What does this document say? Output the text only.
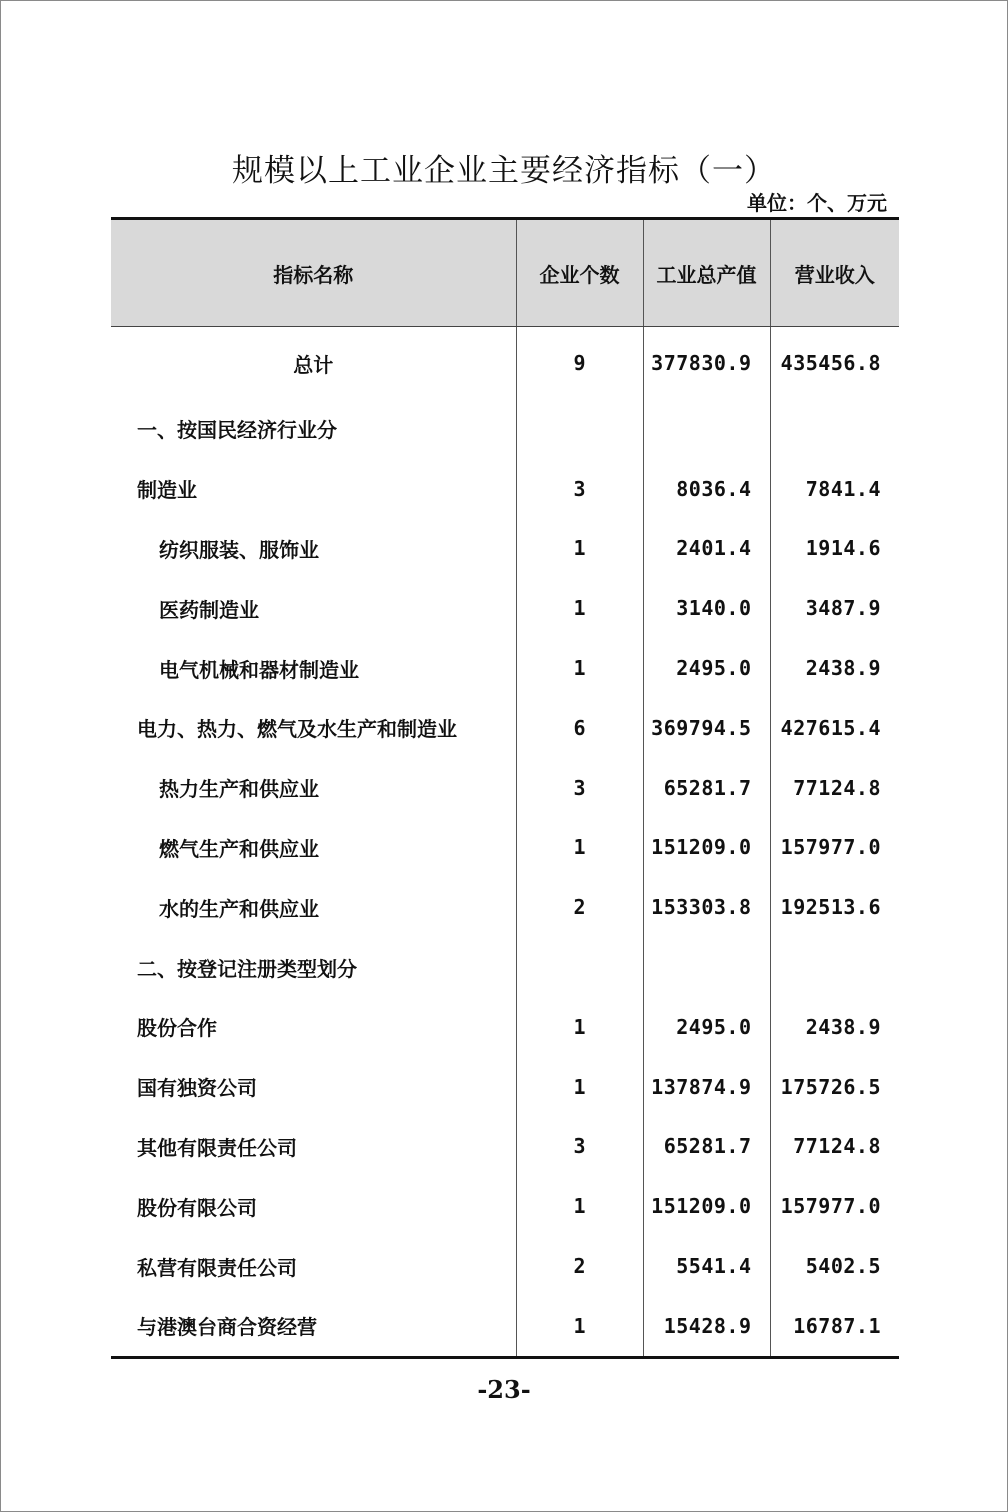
规模以上工业企业主要经济指标（一）
单位：个、万元
指标名称	企业个数	工业总产值	营业收入
总计	9	377830.9	435456.8
一、按国民经济行业分			
制造业	3	8036.4	7841.4
纺织服装、服饰业	1	2401.4	1914.6
医药制造业	1	3140.0	3487.9
电气机械和器材制造业	1	2495.0	2438.9
电力、热力、燃气及水生产和制造业	6	369794.5	427615.4
热力生产和供应业	3	65281.7	77124.8
燃气生产和供应业	1	151209.0	157977.0
水的生产和供应业	2	153303.8	192513.6
二、按登记注册类型划分			
股份合作	1	2495.0	2438.9
国有独资公司	1	137874.9	175726.5
其他有限责任公司	3	65281.7	77124.8
股份有限公司	1	151209.0	157977.0
私营有限责任公司	2	5541.4	5402.5
与港澳台商合资经营	1	15428.9	16787.1
-23-
